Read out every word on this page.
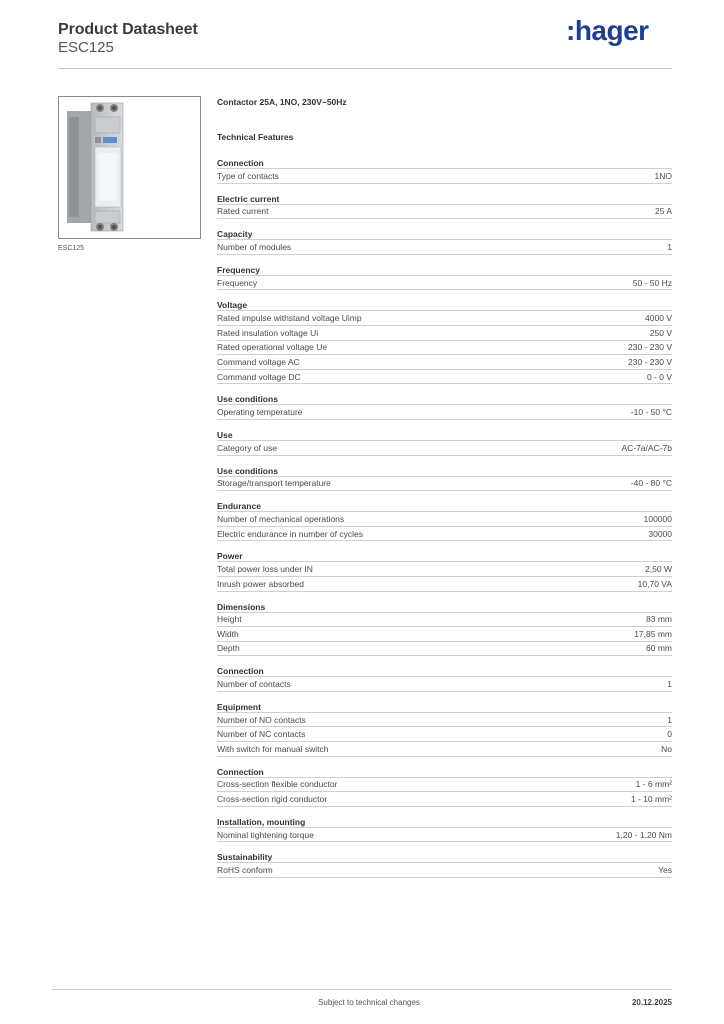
Product Datasheet
ESC125
:hager
ESC125
Contactor 25A, 1NO, 230V~50Hz
Technical Features
Connection
Type of contacts	1NO
Electric current
Rated current	25 A
Capacity
Number of modules	1
Frequency
Frequency	50 - 50 Hz
Voltage
Rated impulse withstand voltage Uimp	4000 V
Rated insulation voltage Ui	250 V
Rated operational voltage Ue	230 - 230 V
Command voltage AC	230 - 230 V
Command voltage DC	0 - 0 V
Use conditions
Operating temperature	-10 - 50 °C
Use
Category of use	AC-7a/AC-7b
Use conditions
Storage/transport temperature	-40 - 80 °C
Endurance
Number of mechanical operations	100000
Electric endurance in number of cycles	30000
Power
Total power loss under IN	2,50 W
Inrush power absorbed	10,70 VA
Dimensions
Height	83 mm
Width	17,85 mm
Depth	60 mm
Connection
Number of contacts	1
Equipment
Number of NO contacts	1
Number of NC contacts	0
With switch for manual switch	No
Connection
Cross-section flexible conductor	1 - 6 mm²
Cross-section rigid conductor	1 - 10 mm²
Installation, mounting
Nominal tightening torque	1,20 - 1,20 Nm
Sustainability
RoHS conform	Yes
Subject to technical changes	20.12.2025
